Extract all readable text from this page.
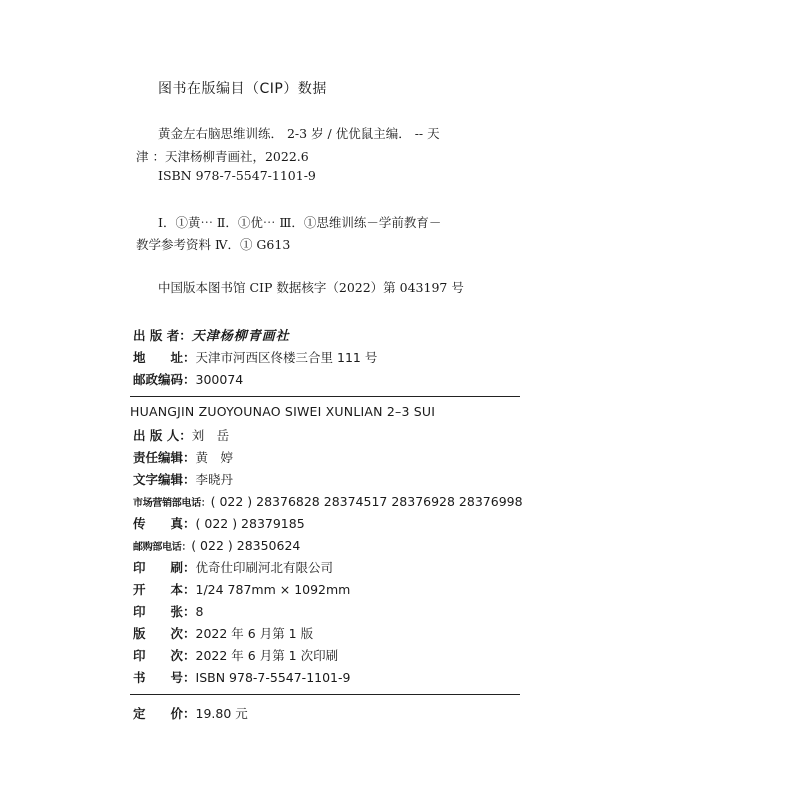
图书在版编目（CIP）数据
黄金左右脑思维训练． 2-3 岁 / 优优鼠主编． -- 天
津 ：天津杨柳青画社，2022.6
ISBN 978-7-5547-1101-9
Ⅰ．①黄⋯ Ⅱ．①优⋯ Ⅲ．①思维训练－学前教育－
教学参考资料 Ⅳ．① G613
中国版本图书馆 CIP 数据核字（2022）第 043197 号
出 版 者：天津杨柳青画社
地　　址：天津市河西区佟楼三合里 111 号
邮政编码：300074
HUANGJIN ZUOYOUNAO SIWEI XUNLIAN 2–3 SUI
出 版 人：刘　岳
责任编辑：黄　婷
文字编辑：李晓丹
市场营销部电话：( 022 ) 28376828 28374517 28376928 28376998
传　　真：( 022 ) 28379185
邮购部电话：( 022 ) 28350624
印　　刷：优奇仕印刷河北有限公司
开　　本：1/24 787mm × 1092mm
印　　张：8
版　　次：2022 年 6 月第 1 版
印　　次：2022 年 6 月第 1 次印刷
书　　号：ISBN 978-7-5547-1101-9
定　　价：19.80 元
